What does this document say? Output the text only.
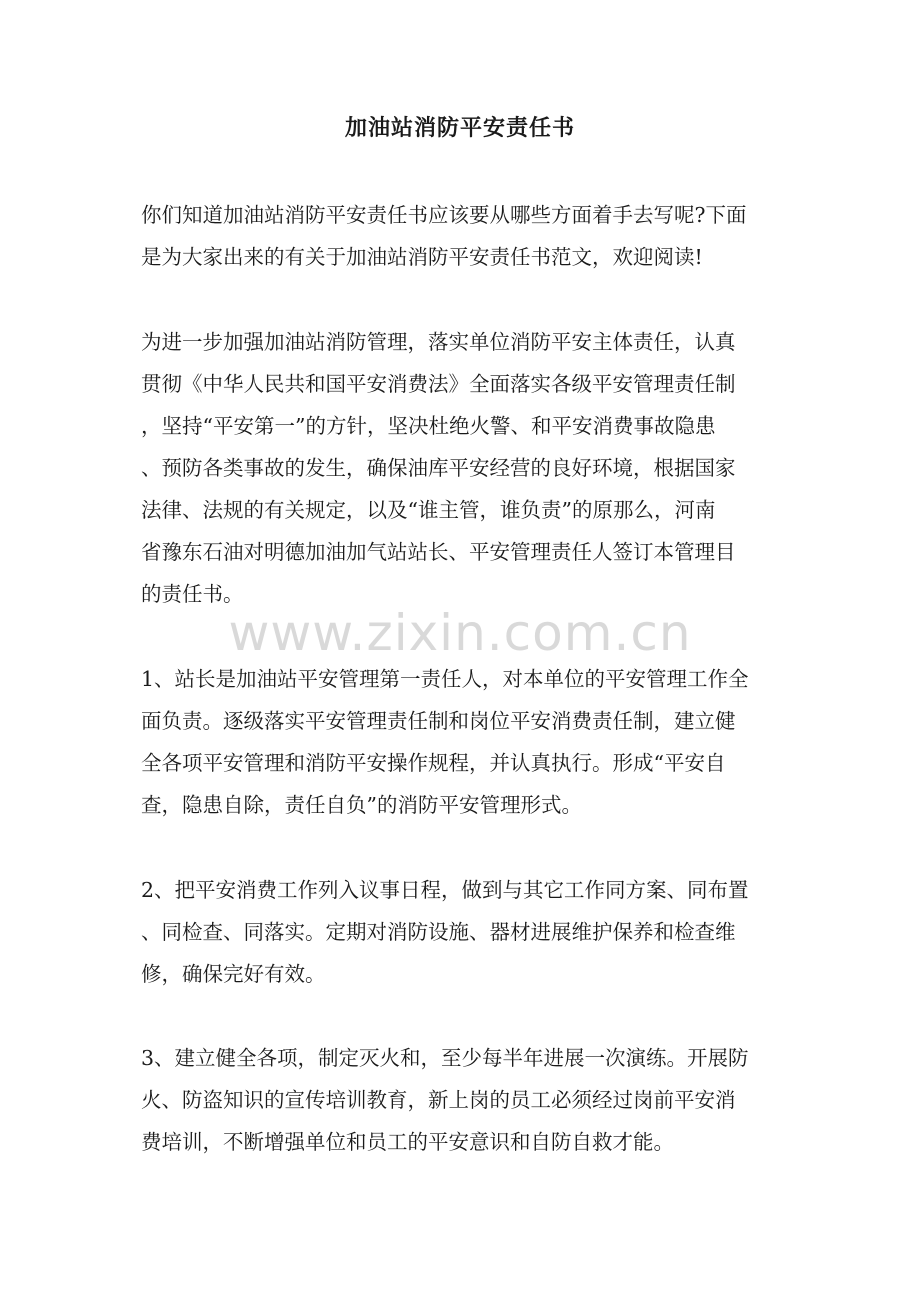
加油站消防平安责任书

你们知道加油站消防平安责任书应该要从哪些方面着手去写呢?下面
是为大家出来的有关于加油站消防平安责任书范文，欢迎阅读!

为进一步加强加油站消防管理，落实单位消防平安主体责任，认真
贯彻《中华人民共和国平安消费法》全面落实各级平安管理责任制
，坚持“平安第一”的方针，坚决杜绝火警、和平安消费事故隐患
、预防各类事故的发生，确保油库平安经营的良好环境，根据国家
法律、法规的有关规定，以及“谁主管，谁负责”的原那么，河南
省豫东石油对明德加油加气站站长、平安管理责任人签订本管理目
的责任书。

www.zixin.com.cn

1、站长是加油站平安管理第一责任人，对本单位的平安管理工作全
面负责。逐级落实平安管理责任制和岗位平安消费责任制，建立健
全各项平安管理和消防平安操作规程，并认真执行。形成“平安自
查，隐患自除，责任自负”的消防平安管理形式。

2、把平安消费工作列入议事日程，做到与其它工作同方案、同布置
、同检查、同落实。定期对消防设施、器材进展维护保养和检查维
修，确保完好有效。

3、建立健全各项，制定灭火和，至少每半年进展一次演练。开展防
火、防盗知识的宣传培训教育，新上岗的员工必须经过岗前平安消
费培训，不断增强单位和员工的平安意识和自防自救才能。
